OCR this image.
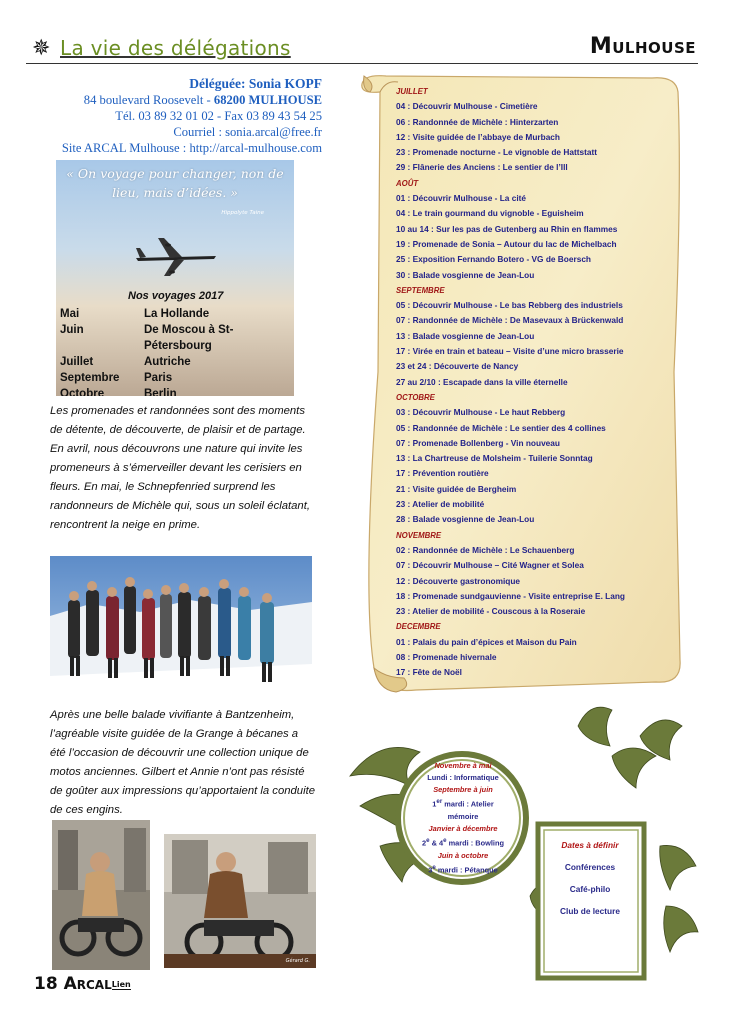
✵ La vie des délégations	Mulhouse
Déléguée: Sonia KOPF
84 boulevard Roosevelt - 68200 MULHOUSE
Tél. 03 89 32 01 02 - Fax 03 89 43 54 25
Courriel : sonia.arcal@free.fr
Site ARCAL Mulhouse : http://arcal-mulhouse.com
« On voyage pour changer, non de lieu, mais d’idées. »
Hippolyte Taine
Nos voyages 2017
Mai	La Hollande
Juin	De Moscou à St-Pétersbourg
Juillet	Autriche
Septembre	Paris
Octobre	Berlin
Les promenades et randonnées sont des moments de détente, de découverte, de plaisir et de partage.
En avril, nous découvrons une nature qui invite les promeneurs à s’émerveiller devant les cerisiers en fleurs. En mai, le Schnepfenried surprend les randonneurs de Michèle qui, sous un soleil éclatant, rencontrent la neige en prime.
Après une belle balade vivifiante à Bantzenheim, l’agréable visite guidée de la Grange à bécanes a été l’occasion de découvrir une collection unique de motos anciennes. Gilbert et Annie n’ont pas résisté de goûter aux impressions qu’apportaient la conduite de ces engins.
Gérard G.
JUILLET
04 : Découvrir Mulhouse - Cimetière
06 : Randonnée de Michèle : Hinterzarten
12 : Visite guidée de l’abbaye de Murbach
23 : Promenade nocturne - Le vignoble de Hattstatt
29 : Flânerie des Anciens : Le sentier de l’Ill
AOÛT
01 : Découvrir Mulhouse - La cité
04 : Le train gourmand du vignoble - Eguisheim
10 au 14 : Sur les pas de Gutenberg au Rhin en flammes
19 : Promenade de Sonia – Autour du lac de Michelbach
25 : Exposition Fernando Botero - VG de Boersch
30 : Balade vosgienne de Jean-Lou
SEPTEMBRE
05 : Découvrir Mulhouse - Le bas Rebberg des industriels
07 : Randonnée de Michèle : De Masevaux à Brückenwald
13 : Balade vosgienne de Jean-Lou
17 : Virée en train et bateau – Visite d’une micro brasserie
23 et 24 : Découverte de Nancy
27 au 2/10 : Escapade dans la ville éternelle
OCTOBRE
03 : Découvrir Mulhouse - Le haut Rebberg
05 : Randonnée de Michèle : Le sentier des 4 collines
07 : Promenade Bollenberg - Vin nouveau
13 : La Chartreuse de Molsheim - Tuilerie Sonntag
17 : Prévention routière
21 : Visite guidée de Bergheim
23 : Atelier de mobilité
28 : Balade vosgienne de Jean-Lou
NOVEMBRE
02 : Randonnée de Michèle : Le Schauenberg
07 : Découvrir Mulhouse – Cité Wagner et Solea
12 : Découverte gastronomique
18 : Promenade sundgauvienne - Visite entreprise E. Lang
23 : Atelier de mobilité - Couscous à la Roseraie
DECEMBRE
01 : Palais du pain d’épices et Maison du Pain
08 : Promenade hivernale
17 : Fête de Noël
Novembre à mai
Lundi : Informatique
Septembre à juin
1er mardi : Atelier
mémoire
Janvier à décembre
2e & 4e mardi : Bowling
Juin à octobre
3e mardi : Pétanque
Dates à définir
Conférences
Café-philo
Club de lecture
18 ArcalLien
